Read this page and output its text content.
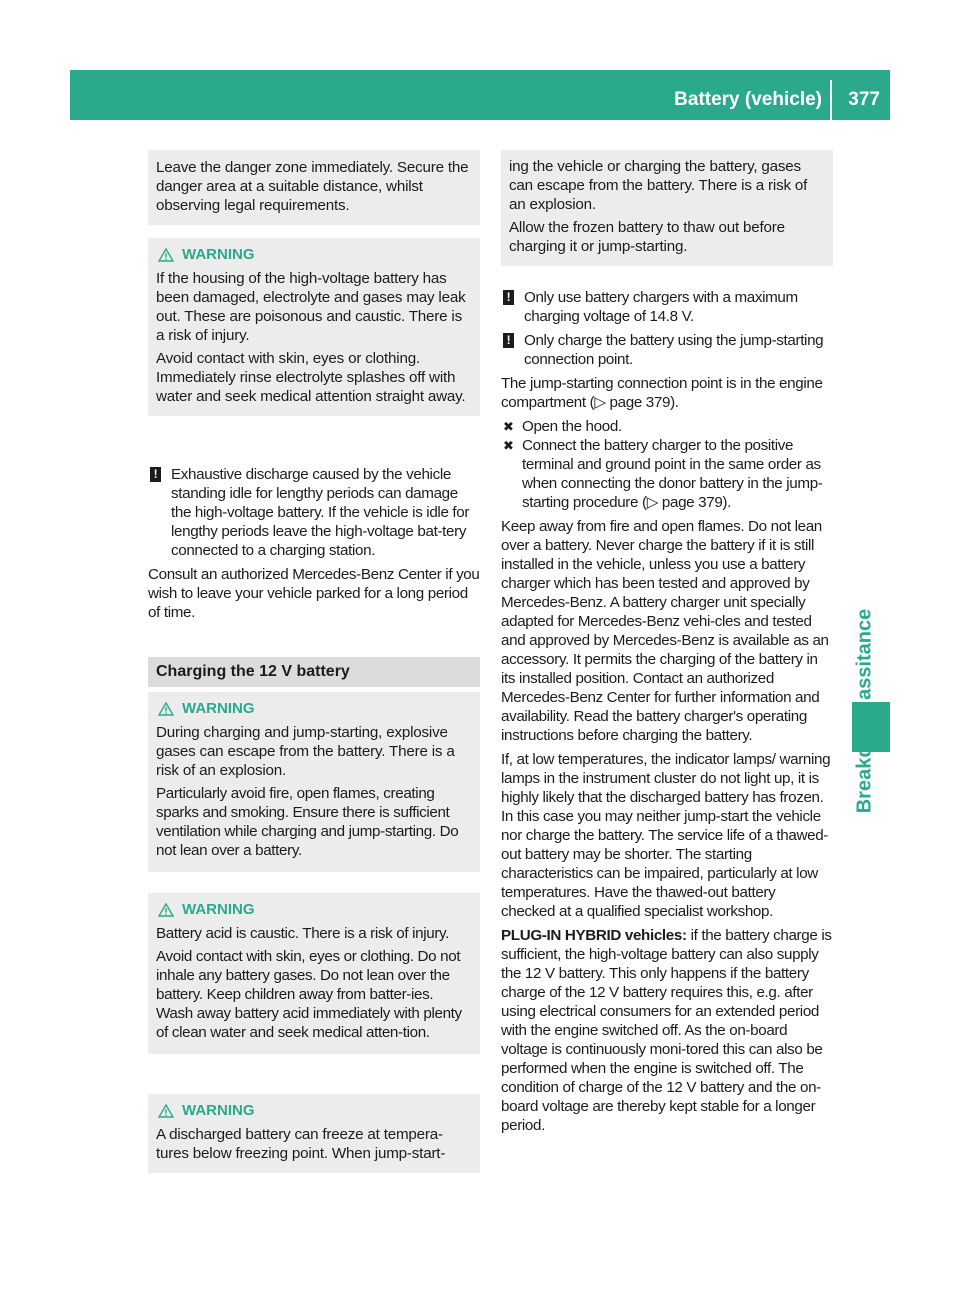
Battery (vehicle) 377

Leave the danger zone immediately. Secure the danger area at a suitable distance, whilst observing legal requirements.

WARNING

If the housing of the high-voltage battery has been damaged, electrolyte and gases may leak out. These are poisonous and caustic. There is a risk of injury.

Avoid contact with skin, eyes or clothing. Immediately rinse electrolyte splashes off with water and seek medical attention straight away.

! Exhaustive discharge caused by the vehicle standing idle for lengthy periods can damage the high-voltage battery. If the vehicle is idle for lengthy periods leave the high-voltage bat-tery connected to a charging station.

Consult an authorized Mercedes-Benz Center if you wish to leave your vehicle parked for a long period of time.

Charging the 12 V battery
WARNING

During charging and jump-starting, explosive gases can escape from the battery. There is a risk of an explosion.

Particularly avoid fire, open flames, creating sparks and smoking. Ensure there is sufficient ventilation while charging and jump-starting. Do not lean over a battery.

WARNING

Battery acid is caustic. There is a risk of injury.

Avoid contact with skin, eyes or clothing. Do not inhale any battery gases. Do not lean over the battery. Keep children away from batter-ies. Wash away battery acid immediately with plenty of clean water and seek medical atten-tion.

WARNING

A discharged battery can freeze at tempera-tures below freezing point. When jump-start-

ing the vehicle or charging the battery, gases can escape from the battery. There is a risk of an explosion.

Allow the frozen battery to thaw out before charging it or jump-starting.

! Only use battery chargers with a maximum charging voltage of 14.8 V.
! Only charge the battery using the jump-starting connection point.

The jump-starting connection point is in the engine compartment (▷ page 379).

✖ Open the hood.
✖ Connect the battery charger to the positive terminal and ground point in the same order as when connecting the donor battery in the jump-starting procedure (▷ page 379).

Keep away from fire and open flames. Do not lean over a battery. Never charge the battery if it is still installed in the vehicle, unless you use a battery charger which has been tested and approved by Mercedes-Benz. A battery charger unit specially adapted for Mercedes-Benz vehi-cles and tested and approved by Mercedes-Benz is available as an accessory. It permits the charging of the battery in its installed position. Contact an authorized Mercedes-Benz Center for further information and availability. Read the battery charger's operating instructions before charging the battery.

If, at low temperatures, the indicator lamps/ warning lamps in the instrument cluster do not light up, it is highly likely that the discharged battery has frozen. In this case you may neither jump-start the vehicle nor charge the battery. The service life of a thawed-out battery may be shorter. The starting characteristics can be impaired, particularly at low temperatures. Have the thawed-out battery checked at a qualified specialist workshop.

PLUG-IN HYBRID vehicles: if the battery charge is sufficient, the high-voltage battery can also supply the 12 V battery. This only happens if the battery charge of the 12 V battery requires this, e.g. after using electrical consumers for an extended period with the engine switched off. As the on-board voltage is continuously moni-tored this can also be performed when the engine is switched off. The condition of charge of the 12 V battery and the on-board voltage are thereby kept stable for a longer period.
